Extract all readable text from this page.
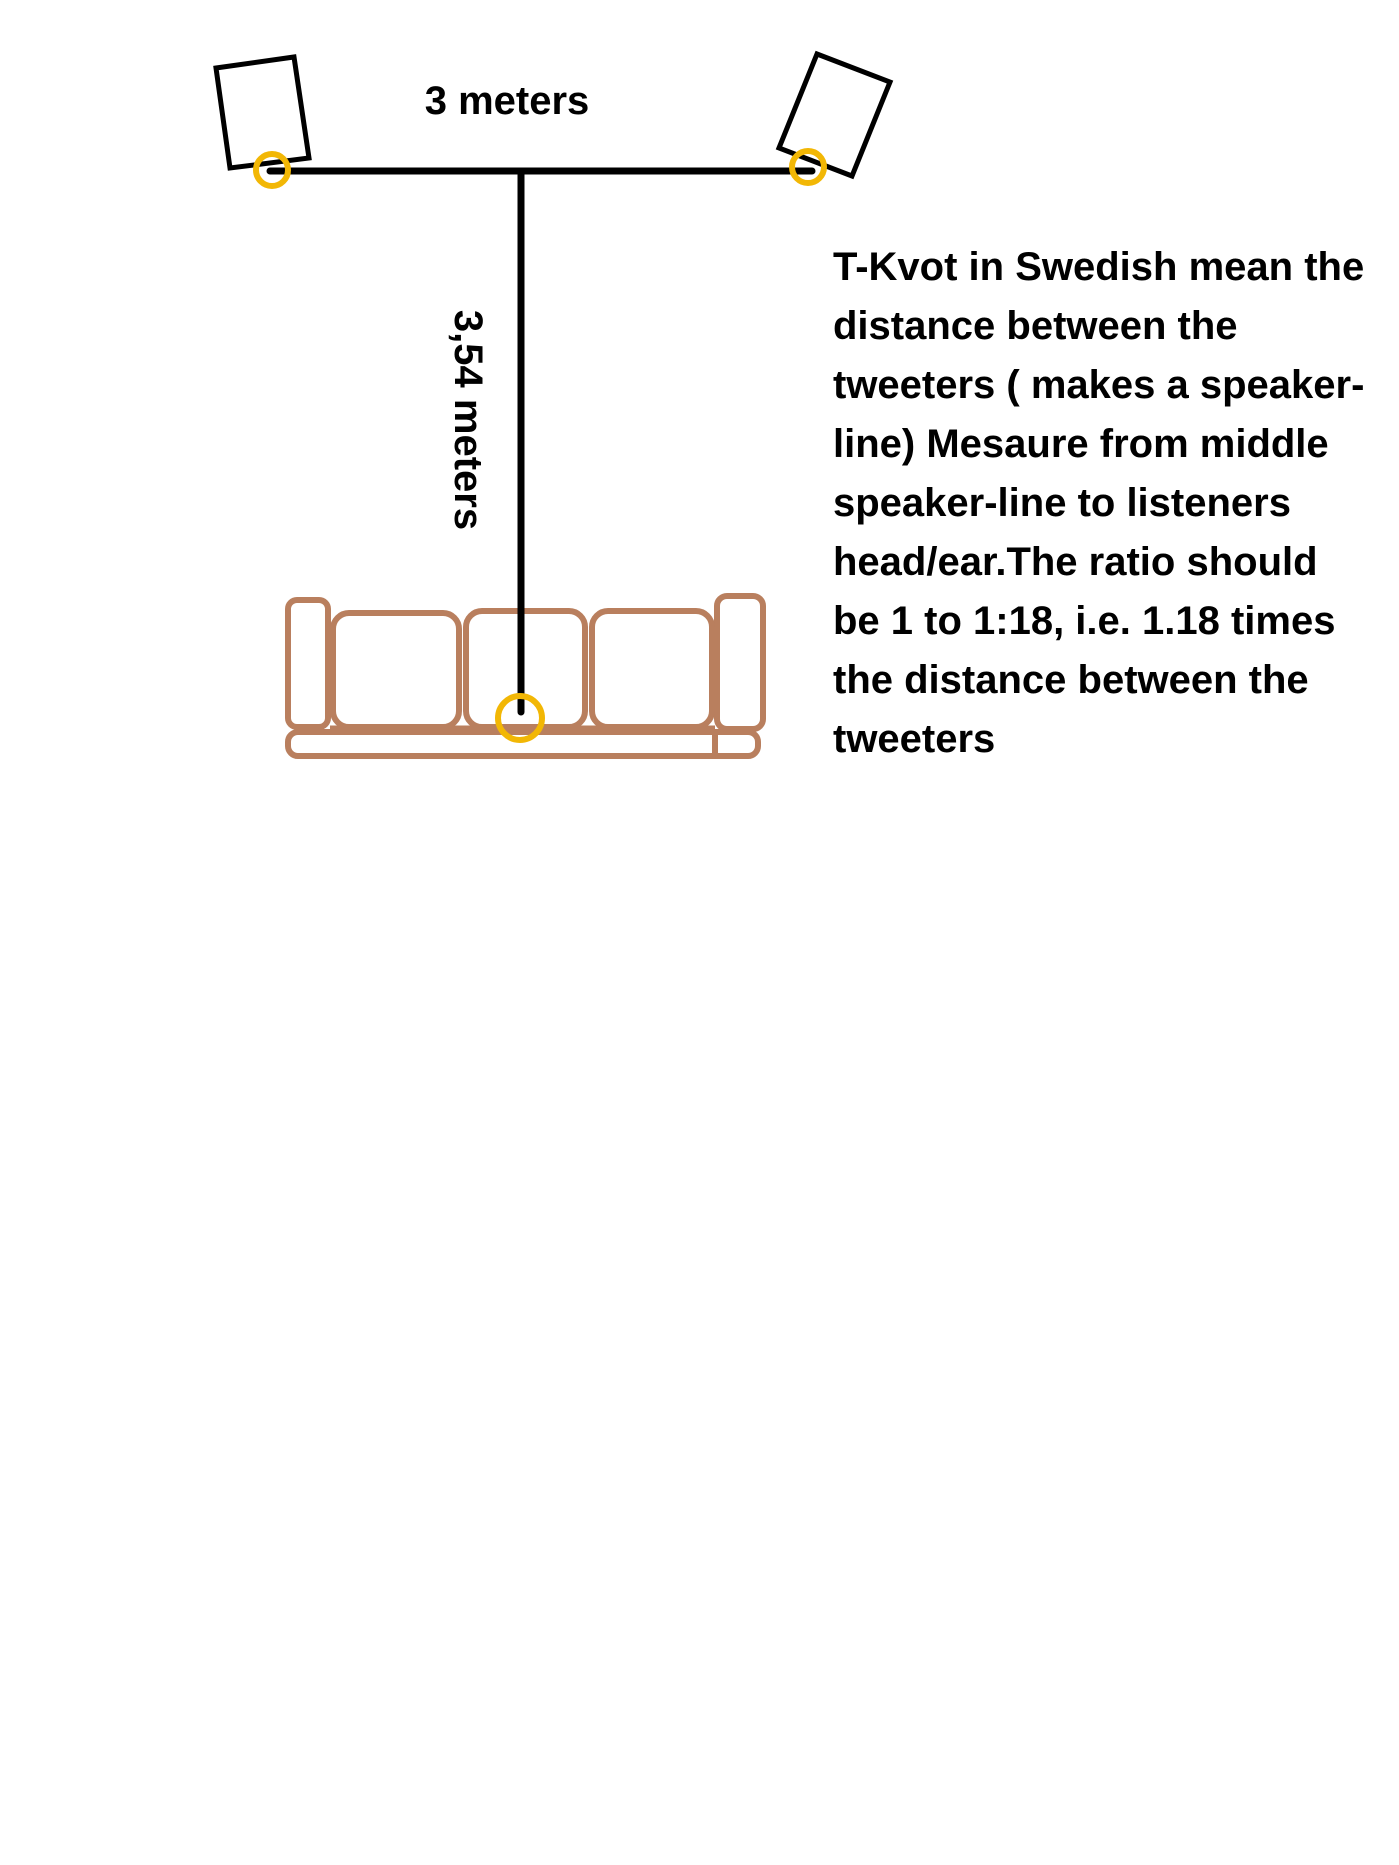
3 meters
3,54 meters

T-Kvot in Swedish mean the
distance between the
tweeters ( makes a speaker-
line) Mesaure from middle
speaker-line to listeners
head/ear.The ratio should
be 1 to 1:18, i.e. 1.18 times
the distance between the
tweeters
